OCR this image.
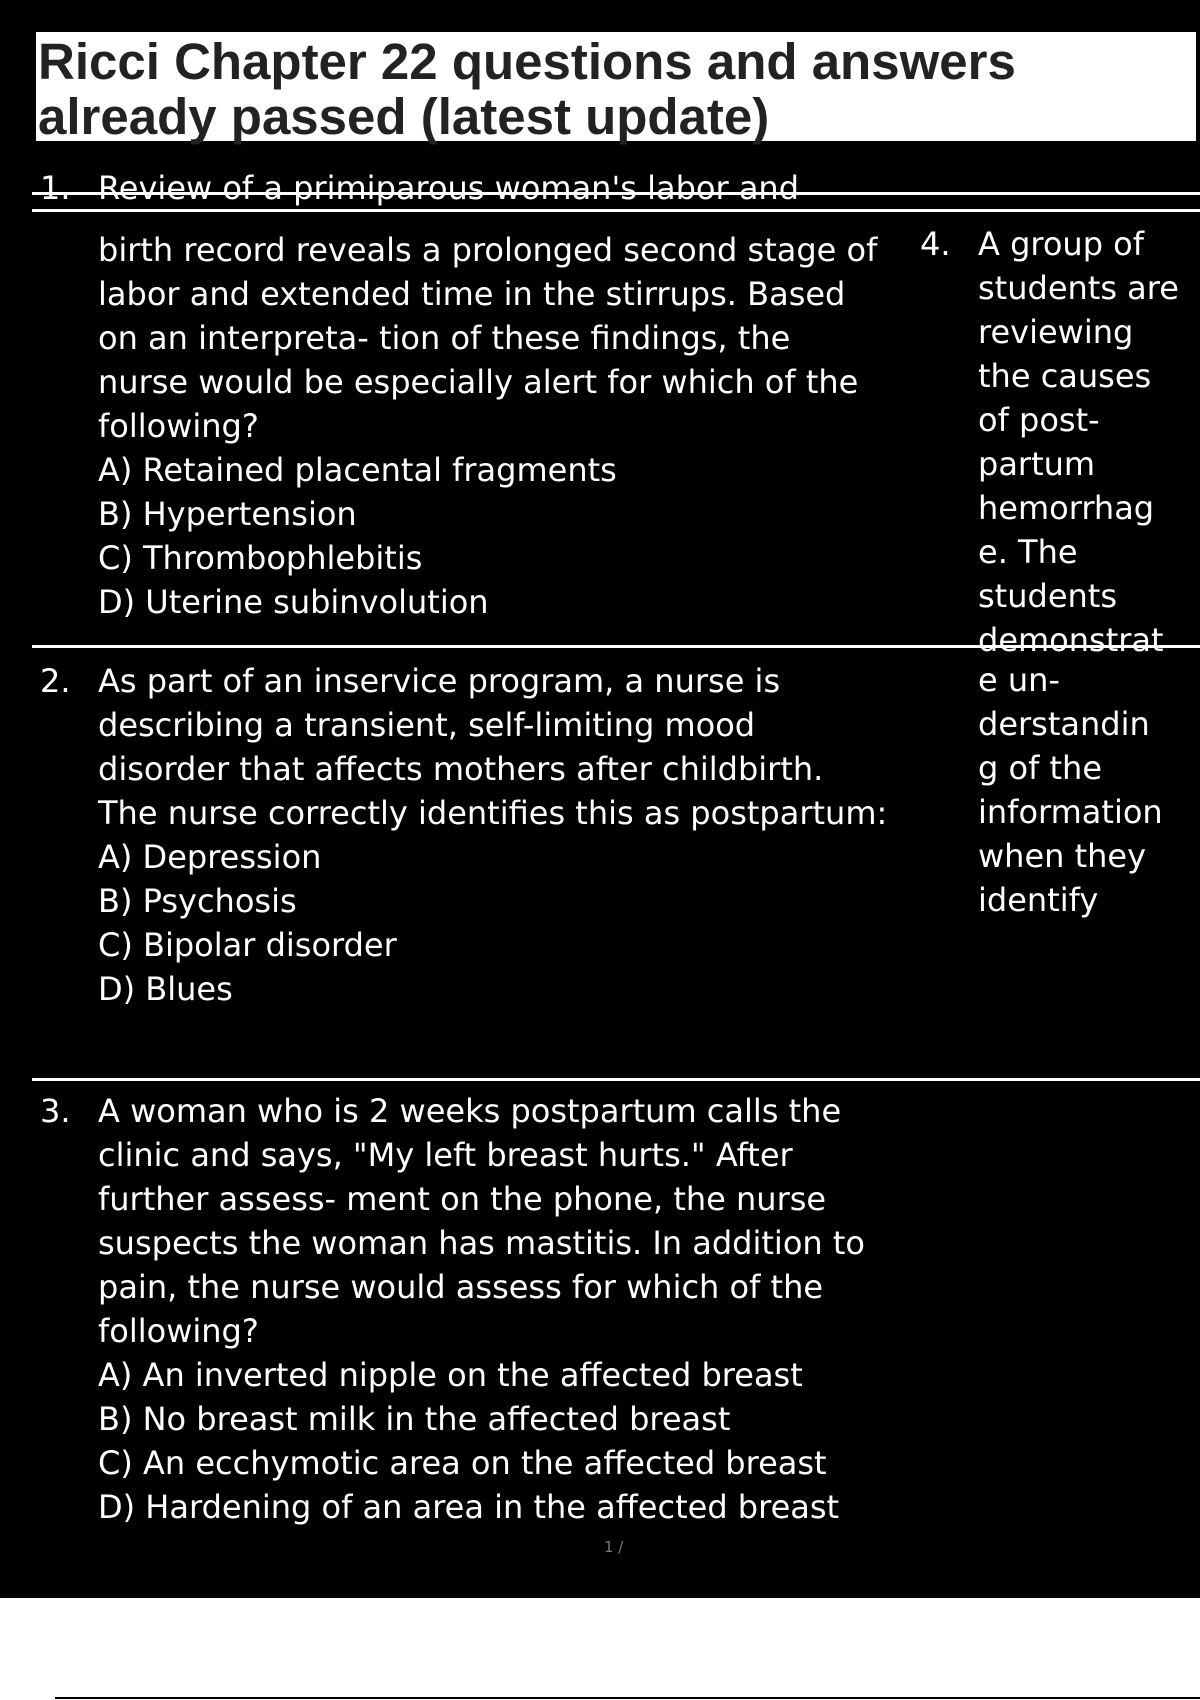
Ricci Chapter 22 questions and answers already passed (latest update)
1. Review of a primiparous woman's labor and

birth record reveals a prolonged second stage of labor and extended time in the stirrups. Based on an interpreta- tion of these findings, the nurse would be especially alert for which of the following?

A) Retained placental fragments
B) Hypertension
C) Thrombophlebitis
D) Uterine subinvolution
2. As part of an inservice program, a nurse is describing a transient, self-limiting mood disorder that affects mothers after childbirth. The nurse correctly identifies this as postpartum:

A) Depression
B) Psychosis
C) Bipolar disorder
D) Blues
3. A woman who is 2 weeks postpartum calls the clinic and says, "My left breast hurts." After further assess- ment on the phone, the nurse suspects the woman has mastitis. In addition to pain, the nurse would assess for which of the following?

A) An inverted nipple on the affected breast
B) No breast milk in the affected breast
C) An ecchymotic area on the affected breast
D) Hardening of an area in the affected breast
4. A group of
students are
reviewing
the causes
of post-
partum
hemorrhag
e. The
students
demonstrat
e un-
derstandin
g of the
information
when they
identify
1 /
